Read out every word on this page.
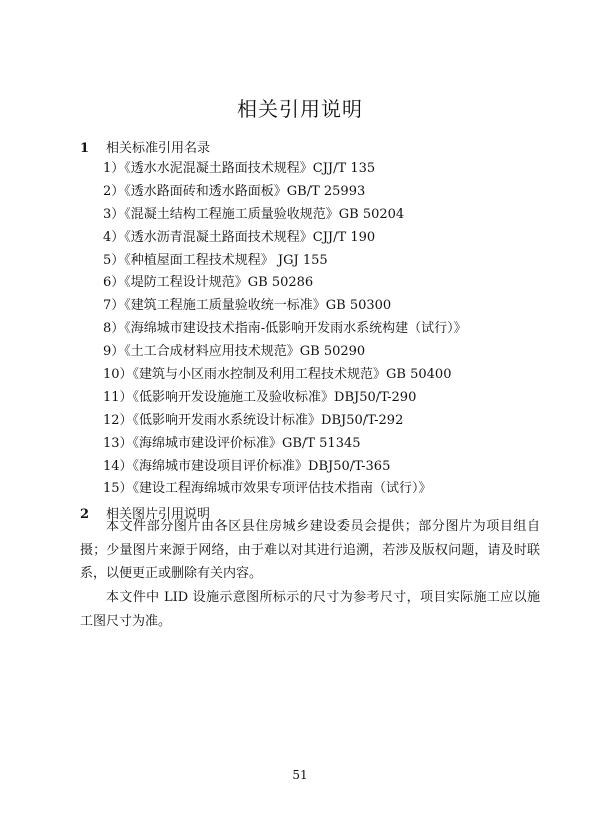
相关引用说明
1 相关标准引用名录
1）《透水水泥混凝土路面技术规程》CJJ/T 135
2）《透水路面砖和透水路面板》GB/T 25993
3）《混凝土结构工程施工质量验收规范》GB 50204
4）《透水沥青混凝土路面技术规程》CJJ/T 190
5）《种植屋面工程技术规程》 JGJ 155
6）《堤防工程设计规范》GB 50286
7）《建筑工程施工质量验收统一标准》GB 50300
8）《海绵城市建设技术指南-低影响开发雨水系统构建（试行）》
9）《土工合成材料应用技术规范》GB 50290
10）《建筑与小区雨水控制及利用工程技术规范》GB 50400
11）《低影响开发设施施工及验收标准》DBJ50/T-290
12）《低影响开发雨水系统设计标准》DBJ50/T-292
13）《海绵城市建设评价标准》GB/T 51345
14）《海绵城市建设项目评价标准》DBJ50/T-365
15）《建设工程海绵城市效果专项评估技术指南（试行）》
2 相关图片引用说明

本文件部分图片由各区县住房城乡建设委员会提供；部分图片为项目组自摄；少量图片来源于网络，由于难以对其进行追溯，若涉及版权问题，请及时联系，以便更正或删除有关内容。

本文件中 LID 设施示意图所标示的尺寸为参考尺寸，项目实际施工应以施工图尺寸为准。

51
